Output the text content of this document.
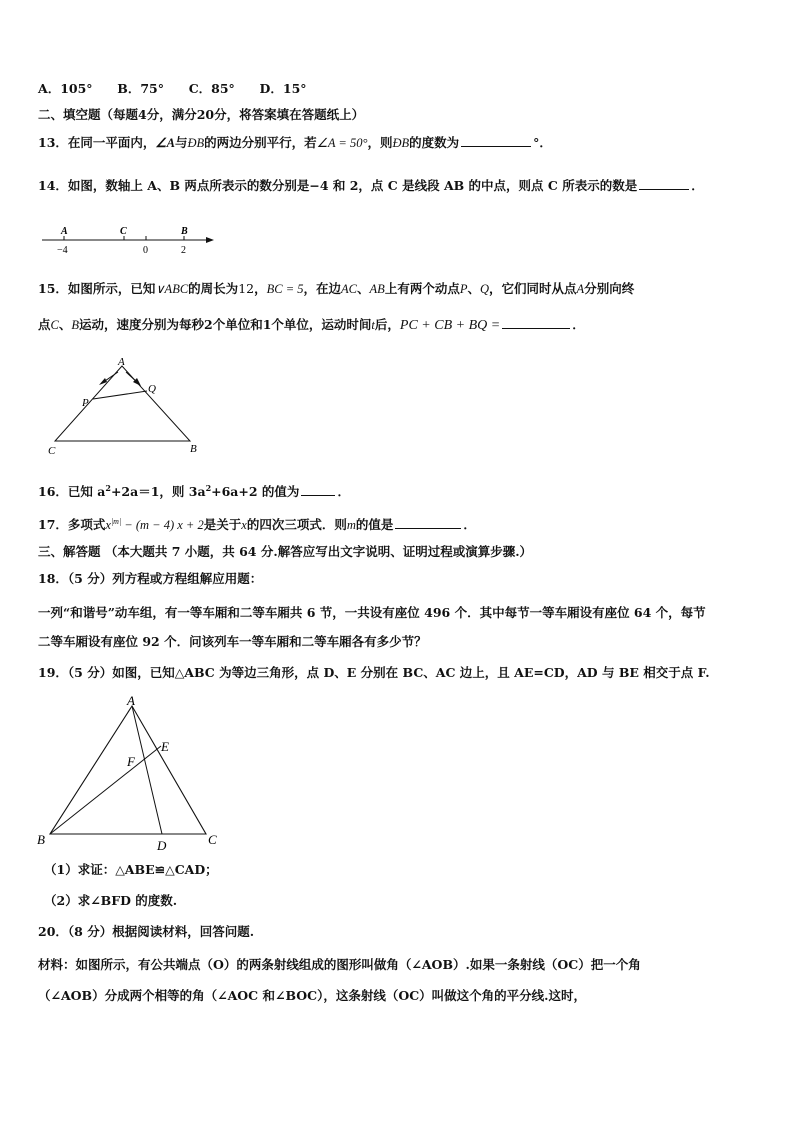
A．105° B．75° C．85° D．15°
二、填空题（每题4分，满分20分，将答案填在答题纸上）
13．在同一平面内，∠A与ÐB的两边分别平行，若∠A = 50°，则ÐB的度数为	°．
14．如图，数轴上 A、B 两点所表示的数分别是−4 和 2，点 C 是线段 AB 的中点，则点 C 所表示的数是	．
A	C	B
−4	0	2
15．如图所示，已知∨ABC的周长为12，BC = 5，在边AC、AB上有两个动点P、Q，它们同时从点A分别向终
点C、B运动，速度分别为每秒2个单位和1个单位，运动时间t后，PC + CB + BQ =	．
A
Q
P
C	B
16．已知 $a^2+2a=1$，则 $3a^2+6a+2$ 的值为	．
17．多项式$x^{|m|} - (m - 4) x + 2$是关于x的四次三项式．则m的值是	．
三、解答题 （本大题共 7 小题，共 64 分.解答应写出文字说明、证明过程或演算步骤.）
18．（5 分）列方程或方程组解应用题：
一列“和谐号”动车组，有一等车厢和二等车厢共 6 节，一共设有座位 496 个．其中每节一等车厢设有座位 64 个，每节
二等车厢设有座位 92 个．问该列车一等车厢和二等车厢各有多少节？
19．（5 分）如图，已知△ABC 为等边三角形，点 D、E 分别在 BC、AC 边上，且 AE=CD，AD 与 BE 相交于点 F.
A
E
F
B	D	C
（1）求证：△ABE≌△CAD；
（2）求∠BFD 的度数.
20．（8 分）根据阅读材料，回答问题.
材料：如图所示，有公共端点（O）的两条射线组成的图形叫做角（∠AOB）.如果一条射线（OC）把一个角
（∠AOB）分成两个相等的角（∠AOC 和∠BOC），这条射线（OC）叫做这个角的平分线.这时，
